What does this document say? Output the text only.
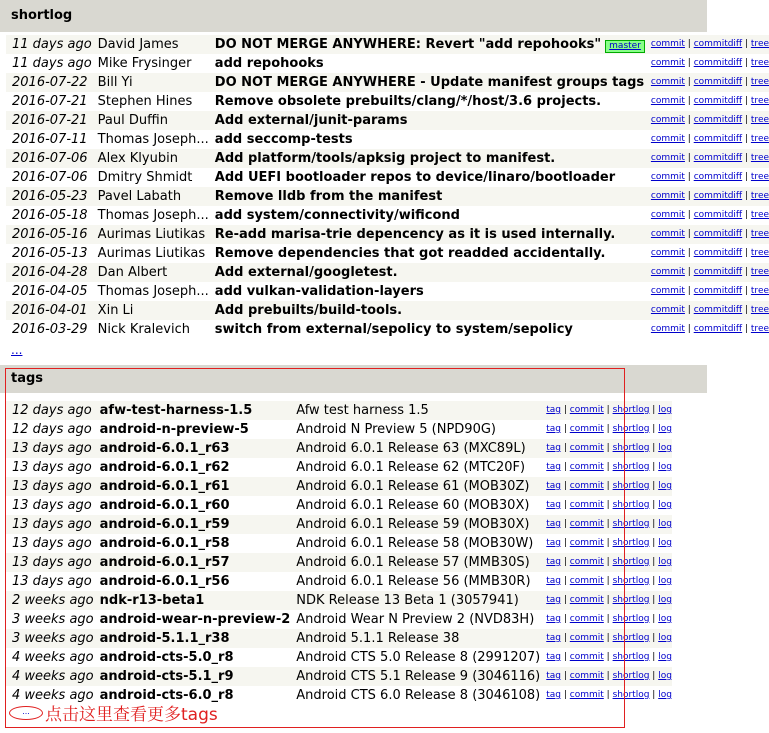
shortlog
11 days ago	David James	DO NOT MERGE ANYWHERE: Revert "add repohooks" master	commit | commitdiff | tree
11 days ago	Mike Frysinger	add repohooks	commit | commitdiff | tree
2016-07-22	Bill Yi	DO NOT MERGE ANYWHERE - Update manifest groups tags	commit | commitdiff | tree
2016-07-21	Stephen Hines	Remove obsolete prebuilts/clang/*/host/3.6 projects.	commit | commitdiff | tree
2016-07-21	Paul Duffin	Add external/junit-params	commit | commitdiff | tree
2016-07-11	Thomas Joseph...	add seccomp-tests	commit | commitdiff | tree
2016-07-06	Alex Klyubin	Add platform/tools/apksig project to manifest.	commit | commitdiff | tree
2016-07-06	Dmitry Shmidt	Add UEFI bootloader repos to device/linaro/bootloader	commit | commitdiff | tree
2016-05-23	Pavel Labath	Remove lldb from the manifest	commit | commitdiff | tree
2016-05-18	Thomas Joseph...	add system/connectivity/wificond	commit | commitdiff | tree
2016-05-16	Aurimas Liutikas	Re-add marisa-trie depencency as it is used internally.	commit | commitdiff | tree
2016-05-13	Aurimas Liutikas	Remove dependencies that got readded accidentally.	commit | commitdiff | tree
2016-04-28	Dan Albert	Add external/googletest.	commit | commitdiff | tree
2016-04-05	Thomas Joseph...	add vulkan-validation-layers	commit | commitdiff | tree
2016-04-01	Xin Li	Add prebuilts/build-tools.	commit | commitdiff | tree
2016-03-29	Nick Kralevich	switch from external/sepolicy to system/sepolicy	commit | commitdiff | tree
...
tags
12 days ago	afw-test-harness-1.5	Afw test harness 1.5	tag | commit | shortlog | log
12 days ago	android-n-preview-5	Android N Preview 5 (NPD90G)	tag | commit | shortlog | log
13 days ago	android-6.0.1_r63	Android 6.0.1 Release 63 (MXC89L)	tag | commit | shortlog | log
13 days ago	android-6.0.1_r62	Android 6.0.1 Release 62 (MTC20F)	tag | commit | shortlog | log
13 days ago	android-6.0.1_r61	Android 6.0.1 Release 61 (MOB30Z)	tag | commit | shortlog | log
13 days ago	android-6.0.1_r60	Android 6.0.1 Release 60 (MOB30X)	tag | commit | shortlog | log
13 days ago	android-6.0.1_r59	Android 6.0.1 Release 59 (MOB30X)	tag | commit | shortlog | log
13 days ago	android-6.0.1_r58	Android 6.0.1 Release 58 (MOB30W)	tag | commit | shortlog | log
13 days ago	android-6.0.1_r57	Android 6.0.1 Release 57 (MMB30S)	tag | commit | shortlog | log
13 days ago	android-6.0.1_r56	Android 6.0.1 Release 56 (MMB30R)	tag | commit | shortlog | log
2 weeks ago	ndk-r13-beta1	NDK Release 13 Beta 1 (3057941)	tag | commit | shortlog | log
3 weeks ago	android-wear-n-preview-2	Android Wear N Preview 2 (NVD83H)	tag | commit | shortlog | log
3 weeks ago	android-5.1.1_r38	Android 5.1.1 Release 38	tag | commit | shortlog | log
4 weeks ago	android-cts-5.0_r8	Android CTS 5.0 Release 8 (2991207)	tag | commit | shortlog | log
4 weeks ago	android-cts-5.1_r9	Android CTS 5.1 Release 9 (3046116)	tag | commit | shortlog | log
4 weeks ago	android-cts-6.0_r8	Android CTS 6.0 Release 8 (3046108)	tag | commit | shortlog | log
... 点击这里查看更多tags
